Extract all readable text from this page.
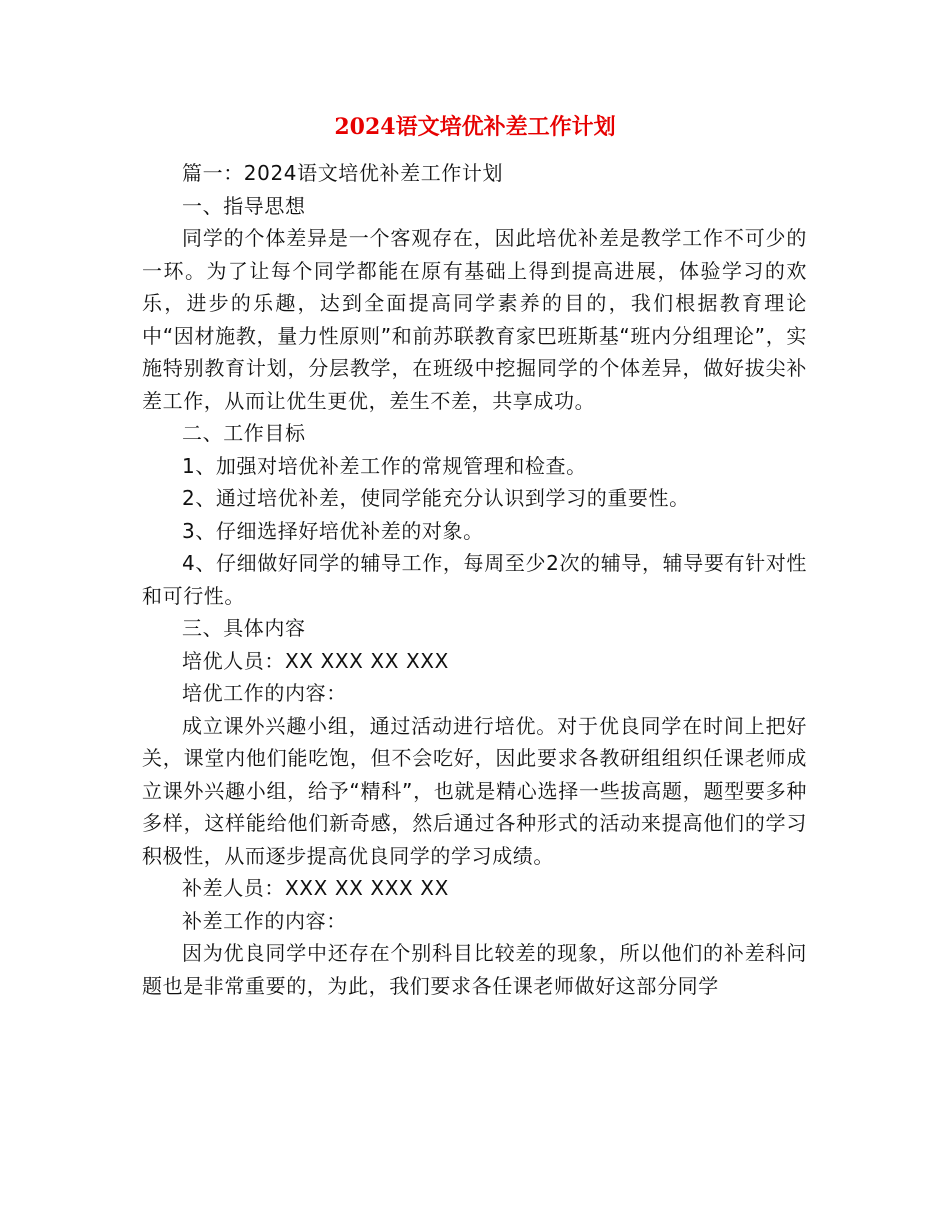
2024语文培优补差工作计划

篇一：2024语文培优补差工作计划

一、指导思想

同学的个体差异是一个客观存在，因此培优补差是教学工作不可少的一环。为了让每个同学都能在原有基础上得到提高进展，体验学习的欢乐，进步的乐趣，达到全面提高同学素养的目的，我们根据教育理论中“因材施教，量力性原则”和前苏联教育家巴班斯基“班内分组理论”，实施特别教育计划，分层教学，在班级中挖掘同学的个体差异，做好拔尖补差工作，从而让优生更优，差生不差，共享成功。

二、工作目标

1、加强对培优补差工作的常规管理和检查。

2、通过培优补差，使同学能充分认识到学习的重要性。

3、仔细选择好培优补差的对象。

4、仔细做好同学的辅导工作，每周至少2次的辅导，辅导要有针对性和可行性。

三、具体内容

培优人员：XX XXX XX XXX

培优工作的内容：

成立课外兴趣小组，通过活动进行培优。对于优良同学在时间上把好关，课堂内他们能吃饱，但不会吃好，因此要求各教研组组织任课老师成立课外兴趣小组，给予“精科”，也就是精心选择一些拔高题，题型要多种多样，这样能给他们新奇感，然后通过各种形式的活动来提高他们的学习积极性，从而逐步提高优良同学的学习成绩。

补差人员：XXX XX XXX XX

补差工作的内容：

因为优良同学中还存在个别科目比较差的现象，所以他们的补差科问题也是非常重要的，为此，我们要求各任课老师做好这部分同学
